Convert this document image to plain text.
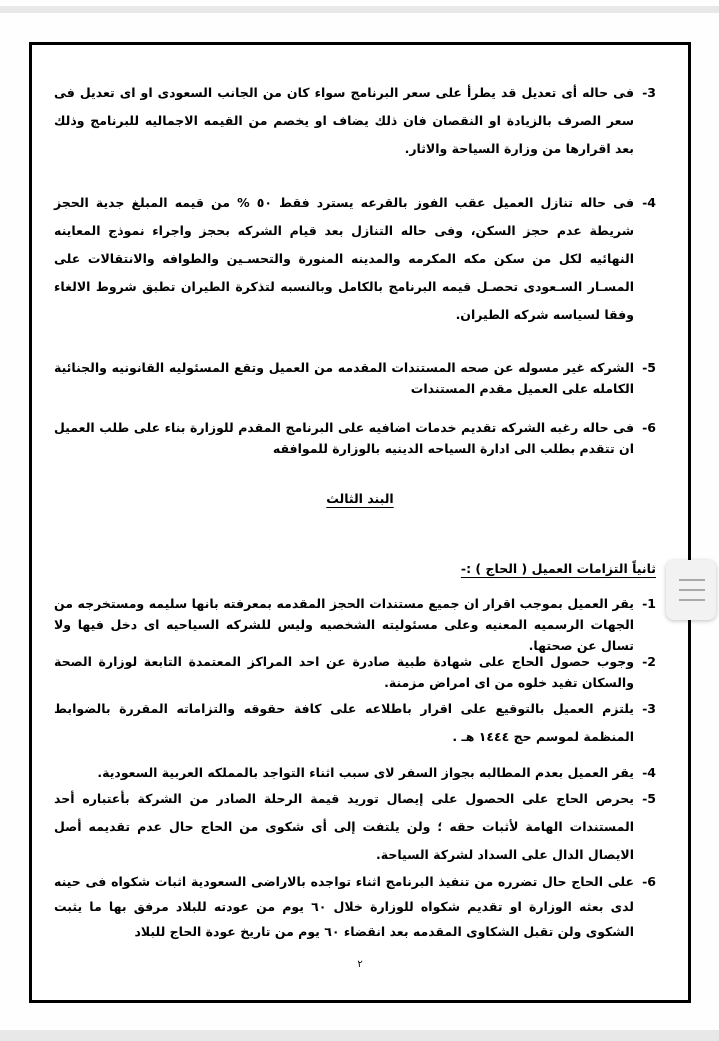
3-
فى حاله أى تعديل قد يطرأ على سعر البرنامج سواء كان من الجانب السعودى او اى تعديل فى سعر الصرف بالزيادة او النقصان فان ذلك يضاف او يخصم من القيمه الاجماليه للبرنامج وذلك بعد اقرارها من وزارة السياحة والاثار.
4-
فى حاله تنازل العميل عقب الفوز بالقرعه يسترد فقط ٥٠ % من قيمه المبلغ جدية الحجز شريطة عدم حجز السكن، وفى حاله التنازل بعد قيام الشركه بحجز واجراء نموذج المعاينه النهائيه لكل من سكن مكه المكرمه والمدينه المنورة والتحسـين والطوافه والانتقالات على المسـار السـعودى تحصـل قيمه البرنامج بالكامل وبالنسبه لتذكرة الطيران تطبق شروط الالغاء وفقا لسياسه شركه الطيران.
5-
الشركه غير مسوله عن صحه المستندات المقدمه من العميل وتقع المسئوليه القانونيه والجنائية الكامله على العميل مقدم المستندات
6-
فى حاله رغبه الشركه تقديم خدمات اضافيه على البرنامج المقدم للوزارة بناء على طلب العميل ان تتقدم بطلب الى ادارة السياحه الدينيه بالوزارة للموافقه
البند الثالث
ثانياً التزامات العميل ( الحاج ) :-
1-
يقر العميل بموجب اقرار ان جميع مستندات الحجز المقدمه بمعرفته بانها سليمه ومستخرجه من الجهات الرسميه المعنيه وعلى مسئوليته الشخصيه وليس للشركه السياحيه اى دخل فيها ولا تسال عن صحتها.
2-
وجوب حصول الحاج على شهادة طبية صادرة عن احد المراكز المعتمدة التابعة لوزارة الصحة والسكان تفيد خلوه من اى امراض مزمنة.
3-
يلتزم العميل بالتوقيع على اقرار باطلاعه على كافة حقوقه والتزاماته المقررة بالضوابط المنظمة لموسم حج ١٤٤٤ هـ .
4-
يقر العميل بعدم المطالبه بجواز السفر لاى سبب اثناء التواجد بالمملكه العربية السعودية.
5-
يحرص الحاج على الحصول على إيصال توريد قيمة الرحلة الصادر من الشركة بأعتباره أحد المستندات الهامة لأثبات حقه ؛ ولن يلتفت إلى أى شكوى من الحاج حال عدم تقديمه أصل الايصال الدال على السداد لشركة السياحة.
6-
على الحاج حال تضرره من تنفيذ البرنامج اثناء تواجده بالاراضى السعودية اثبات شكواه فى حينه لدى بعثه الوزارة او تقديم شكواه للوزارة خلال ٦٠ يوم من عودته للبلاد مرفق بها ما يثبت الشكوى ولن تقبل الشكاوى المقدمه بعد انقضاء ٦٠ يوم من تاريخ عودة الحاج للبلاد
٢
